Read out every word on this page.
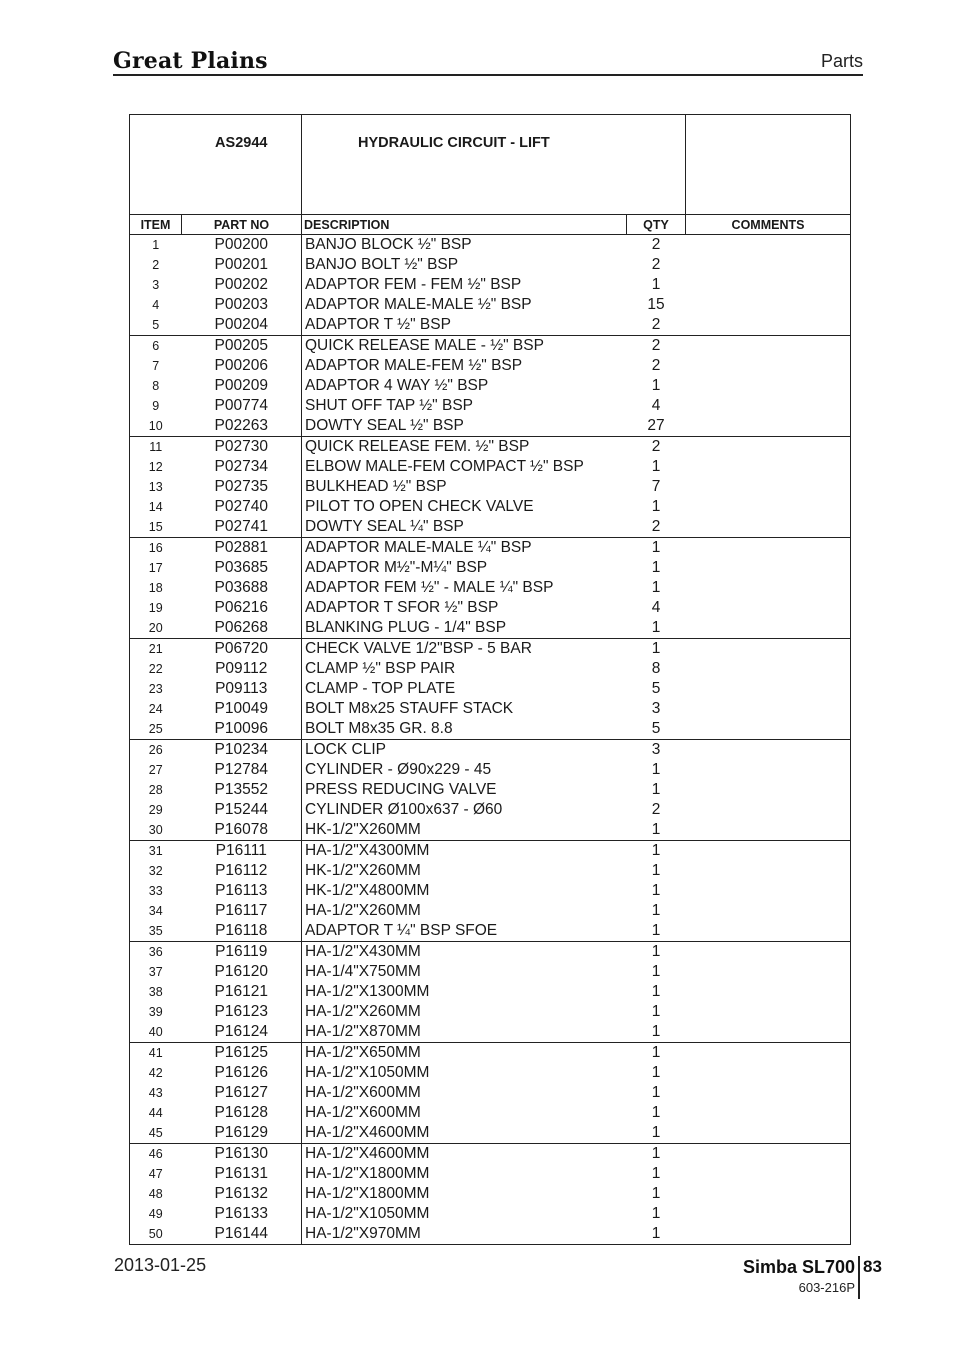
Great Plains	Parts
	AS2944	HYDRAULIC CIRCUIT - LIFT		
ITEM	PART NO	DESCRIPTION	QTY	COMMENTS
1	P00200	BANJO BLOCK ½" BSP	2	
2	P00201	BANJO BOLT ½" BSP	2	
3	P00202	ADAPTOR FEM - FEM ½" BSP	1	
4	P00203	ADAPTOR MALE-MALE ½" BSP	15	
5	P00204	ADAPTOR T ½" BSP	2	
6	P00205	QUICK RELEASE MALE - ½" BSP	2	
7	P00206	ADAPTOR MALE-FEM ½" BSP	2	
8	P00209	ADAPTOR 4 WAY ½" BSP	1	
9	P00774	SHUT OFF TAP ½" BSP	4	
10	P02263	DOWTY SEAL ½" BSP	27	
11	P02730	QUICK RELEASE FEM. ½" BSP	2	
12	P02734	ELBOW MALE-FEM COMPACT ½" BSP	1	
13	P02735	BULKHEAD ½" BSP	7	
14	P02740	PILOT TO OPEN CHECK VALVE	1	
15	P02741	DOWTY SEAL ¼" BSP	2	
16	P02881	ADAPTOR MALE-MALE ¼" BSP	1	
17	P03685	ADAPTOR M½"-M¼" BSP	1	
18	P03688	ADAPTOR FEM ½" - MALE ¼" BSP	1	
19	P06216	ADAPTOR T SFOR ½" BSP	4	
20	P06268	BLANKING PLUG - 1/4" BSP	1	
21	P06720	CHECK VALVE 1/2"BSP - 5 BAR	1	
22	P09112	CLAMP ½" BSP PAIR	8	
23	P09113	CLAMP - TOP PLATE	5	
24	P10049	BOLT M8x25 STAUFF STACK	3	
25	P10096	BOLT M8x35 GR. 8.8	5	
26	P10234	LOCK CLIP	3	
27	P12784	CYLINDER - Ø90x229 - 45	1	
28	P13552	PRESS REDUCING VALVE	1	
29	P15244	CYLINDER Ø100x637 - Ø60	2	
30	P16078	HK-1/2"X260MM	1	
31	P16111	HA-1/2"X4300MM	1	
32	P16112	HK-1/2"X260MM	1	
33	P16113	HK-1/2"X4800MM	1	
34	P16117	HA-1/2"X260MM	1	
35	P16118	ADAPTOR T ¼" BSP SFOE	1	
36	P16119	HA-1/2"X430MM	1	
37	P16120	HA-1/4"X750MM	1	
38	P16121	HA-1/2"X1300MM	1	
39	P16123	HA-1/2"X260MM	1	
40	P16124	HA-1/2"X870MM	1	
41	P16125	HA-1/2"X650MM	1	
42	P16126	HA-1/2"X1050MM	1	
43	P16127	HA-1/2"X600MM	1	
44	P16128	HA-1/2"X600MM	1	
45	P16129	HA-1/2"X4600MM	1	
46	P16130	HA-1/2"X4600MM	1	
47	P16131	HA-1/2"X1800MM	1	
48	P16132	HA-1/2"X1800MM	1	
49	P16133	HA-1/2"X1050MM	1	
50	P16144	HA-1/2"X970MM	1	
2013-01-25	Simba SL700 83
603-216P
